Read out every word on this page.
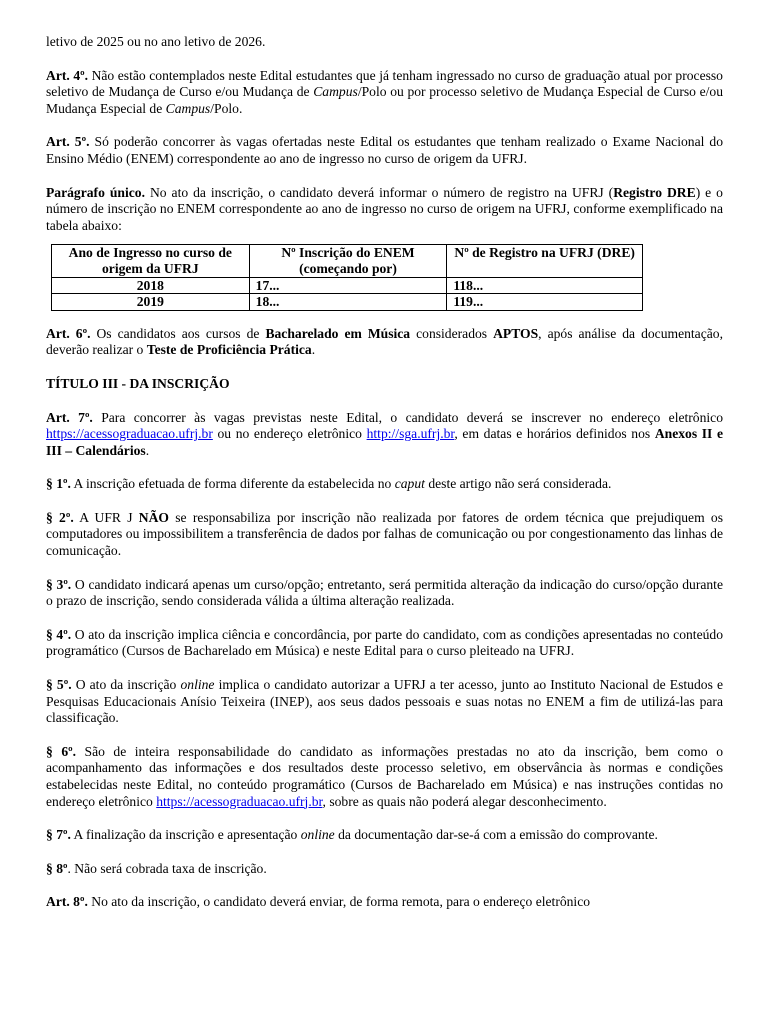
letivo de 2025 ou no ano letivo de 2026.

Art. 4º. Não estão contemplados neste Edital estudantes que já tenham ingressado no curso de graduação atual por processo seletivo de Mudança de Curso e/ou Mudança de Campus/Polo ou por processo seletivo de Mudança Especial de Curso e/ou Mudança Especial de Campus/Polo.

Art. 5º. Só poderão concorrer às vagas ofertadas neste Edital os estudantes que tenham realizado o Exame Nacional do Ensino Médio (ENEM) correspondente ao ano de ingresso no curso de origem da UFRJ.

Parágrafo único. No ato da inscrição, o candidato deverá informar o número de registro na UFRJ (Registro DRE) e o número de inscrição no ENEM correspondente ao ano de ingresso no curso de origem na UFRJ, conforme exemplificado na tabela abaixo:

Ano de Ingresso no curso de origem da UFRJ	Nº Inscrição do ENEM (começando por)	Nº de Registro na UFRJ (DRE)
2018	17...	118...
2019	18...	119...

Art. 6º. Os candidatos aos cursos de Bacharelado em Música considerados APTOS, após análise da documentação, deverão realizar o Teste de Proficiência Prática.

TÍTULO III - DA INSCRIÇÃO

Art. 7º. Para concorrer às vagas previstas neste Edital, o candidato deverá se inscrever no endereço eletrônico https://acessograduacao.ufrj.br ou no endereço eletrônico http://sga.ufrj.br, em datas e horários definidos nos Anexos II e III – Calendários.

§ 1º. A inscrição efetuada de forma diferente da estabelecida no caput deste artigo não será considerada.

§ 2º. A UFR J NÃO se responsabiliza por inscrição não realizada por fatores de ordem técnica que prejudiquem os computadores ou impossibilitem a transferência de dados por falhas de comunicação ou por congestionamento das linhas de comunicação.

§ 3º. O candidato indicará apenas um curso/opção; entretanto, será permitida alteração da indicação do curso/opção durante o prazo de inscrição, sendo considerada válida a última alteração realizada.

§ 4º. O ato da inscrição implica ciência e concordância, por parte do candidato, com as condições apresentadas no conteúdo programático (Cursos de Bacharelado em Música) e neste Edital para o curso pleiteado na UFRJ.

§ 5º. O ato da inscrição online implica o candidato autorizar a UFRJ a ter acesso, junto ao Instituto Nacional de Estudos e Pesquisas Educacionais Anísio Teixeira (INEP), aos seus dados pessoais e suas notas no ENEM a fim de utilizá-las para classificação.

§ 6º. São de inteira responsabilidade do candidato as informações prestadas no ato da inscrição, bem como o acompanhamento das informações e dos resultados deste processo seletivo, em observância às normas e condições estabelecidas neste Edital, no conteúdo programático (Cursos de Bacharelado em Música) e nas instruções contidas no endereço eletrônico https://acessograduacao.ufrj.br, sobre as quais não poderá alegar desconhecimento.

§ 7º. A finalização da inscrição e apresentação online da documentação dar-se-á com a emissão do comprovante.

§ 8º. Não será cobrada taxa de inscrição.

Art. 8º. No ato da inscrição, o candidato deverá enviar, de forma remota, para o endereço eletrônico
